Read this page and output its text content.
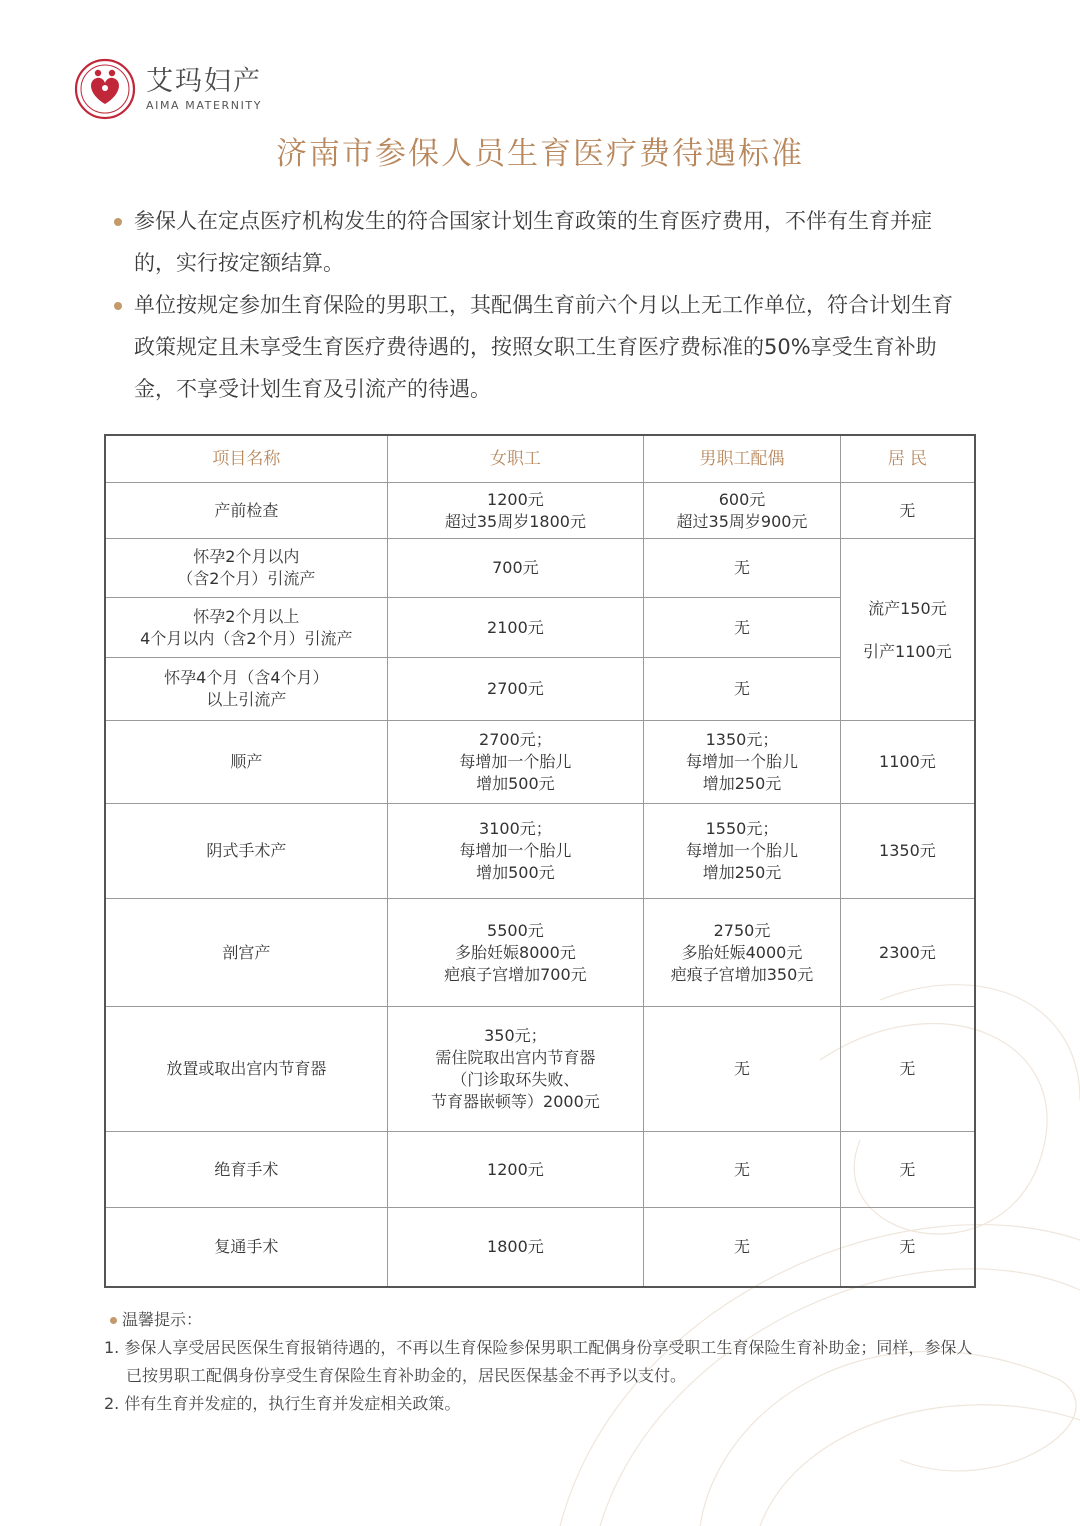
艾玛妇产
AIMA MATERNITY
济南市参保人员生育医疗费待遇标准
参保人在定点医疗机构发生的符合国家计划生育政策的生育医疗费用，不伴有生育并症的，实行按定额结算。
单位按规定参加生育保险的男职工，其配偶生育前六个月以上无工作单位，符合计划生育政策规定且未享受生育医疗费待遇的，按照女职工生育医疗费标准的50%享受生育补助金，不享受计划生育及引流产的待遇。
项目名称	女职工	男职工配偶	居 民

产前检查	1200元
超过35周岁1800元	600元
超过35周岁900元	无

怀孕2个月以内
（含2个月）引流产	700元	无	流产150元
引产1100元

怀孕2个月以上
4个月以内（含2个月）引流产	2100元	无	

怀孕4个月（含4个月）
以上引流产	2700元	无	

顺产	2700元；
每增加一个胎儿
增加500元	1350元；
每增加一个胎儿
增加250元	1100元

阴式手术产	3100元；
每增加一个胎儿
增加500元	1550元；
每增加一个胎儿
增加250元	1350元

剖宫产	5500元
多胎妊娠8000元
疤痕子宫增加700元	2750元
多胎妊娠4000元
疤痕子宫增加350元	2300元

放置或取出宫内节育器	350元；
需住院取出宫内节育器
（门诊取环失败、
节育器嵌顿等）2000元	无	无

绝育手术	1200元	无	无

复通手术	1800元	无	无
温馨提示：
1. 参保人享受居民医保生育报销待遇的，不再以生育保险参保男职工配偶身份享受职工生育保险生育补助金；同样，参保人已按男职工配偶身份享受生育保险生育补助金的，居民医保基金不再予以支付。
2. 伴有生育并发症的，执行生育并发症相关政策。
